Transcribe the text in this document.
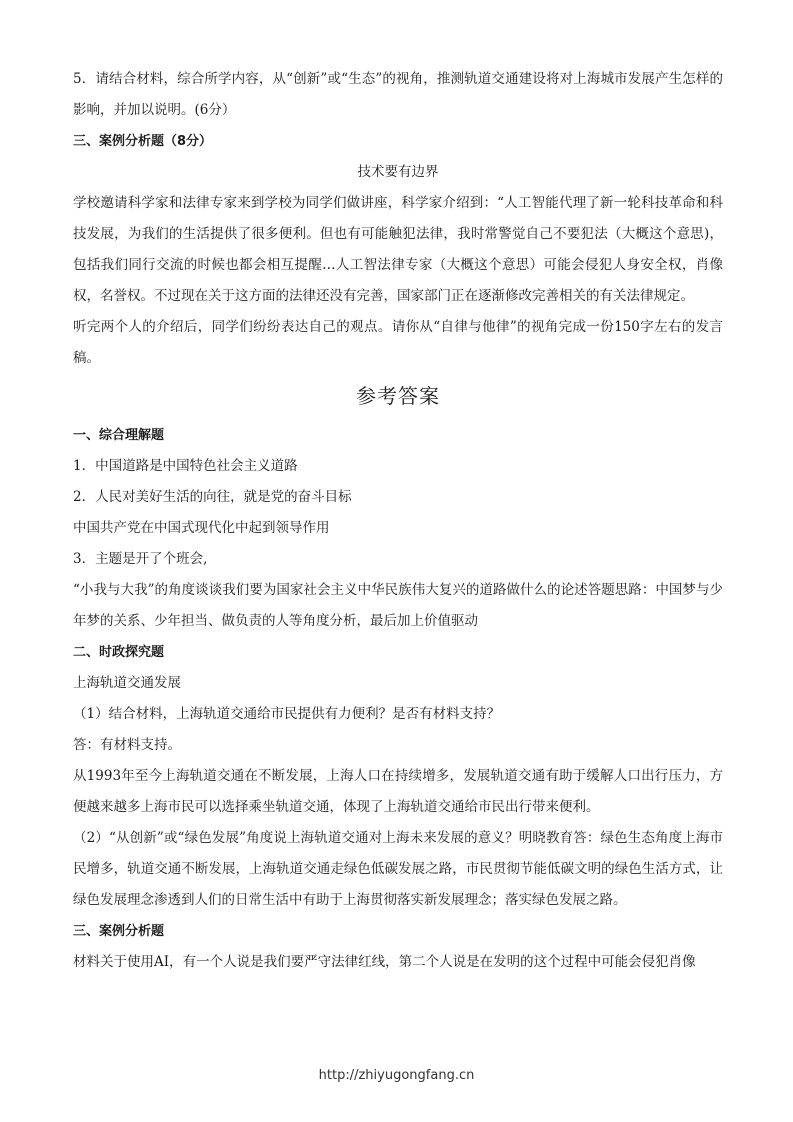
5．请结合材料，综合所学内容，从“创新”或“生态”的视角，推测轨道交通建设将对上海城市发展产生怎样的影响，并加以说明。(6分）

三、案例分析题（8分）

技术要有边界

学校邀请科学家和法律专家来到学校为同学们做讲座，科学家介绍到：“人工智能代理了新一轮科技革命和科技发展，为我们的生活提供了很多便利。但也有可能触犯法律，我时常警觉自己不要犯法（大概这个意思)，包括我们同行交流的时候也都会相互提醒…人工智法律专家（大概这个意思）可能会侵犯人身安全权，肖像权，名誉权。不过现在关于这方面的法律还没有完善，国家部门正在逐渐修改完善相关的有关法律规定。

听完两个人的介绍后，同学们纷纷表达自己的观点。请你从“自律与他律”的视角完成一份150字左右的发言稿。

参考答案

一、综合理解题

1．中国道路是中国特色社会主义道路

2．人民对美好生活的向往，就是党的奋斗目标

中国共产党在中国式现代化中起到领导作用

3．主题是开了个班会,

“小我与大我”的角度谈谈我们要为国家社会主义中华民族伟大复兴的道路做什么的论述答题思路：中国梦与少年梦的关系、少年担当、做负责的人等角度分析，最后加上价值驱动

二、时政探究题

上海轨道交通发展

（1）结合材料，上海轨道交通给市民提供有力便利？是否有材料支持？

答：有材料支持。

从1993年至今上海轨道交通在不断发展，上海人口在持续增多，发展轨道交通有助于缓解人口出行压力，方便越来越多上海市民可以选择乘坐轨道交通，体现了上海轨道交通给市民出行带来便利。

（2）“从创新”或“绿色发展”角度说上海轨道交通对上海未来发展的意义？明晓教育答：绿色生态角度上海市民增多，轨道交通不断发展，上海轨道交通走绿色低碳发展之路，市民贯彻节能低碳文明的绿色生活方式，让绿色发展理念渗透到人们的日常生活中有助于上海贯彻落实新发展理念；落实绿色发展之路。

三、案例分析题

材料关于使用AI，有一个人说是我们要严守法律红线，第二个人说是在发明的这个过程中可能会侵犯肖像

http://zhiyugongfang.cn
